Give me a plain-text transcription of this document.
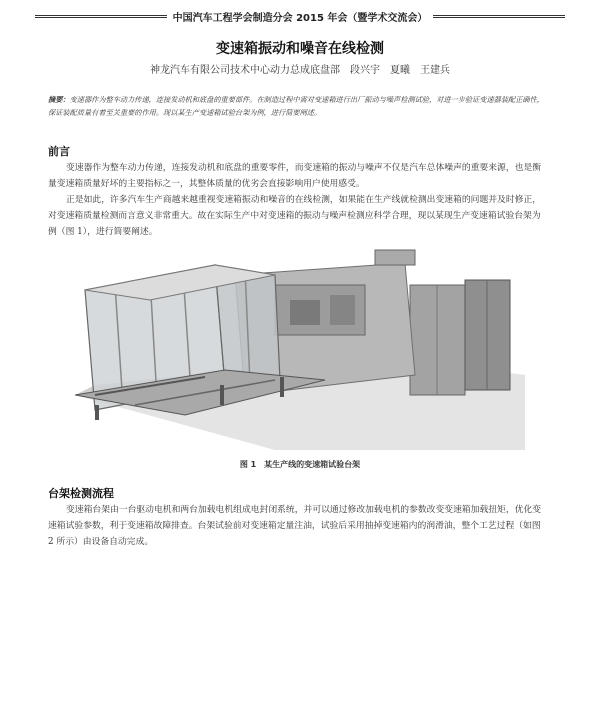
中国汽车工程学会制造分会 2015 年会（暨学术交流会）
变速箱振动和噪音在线检测
神龙汽车有限公司技术中心动力总成底盘部　段兴宇　夏曦　王建兵
摘要：变速器作为整车动力传递，连接发动机和底盘的重要部件。在制造过程中需对变速箱进行出厂振动与噪声检测试验，对进一步验证变速器装配正确性，保证装配质量有着至关重要的作用。现以某生产变速箱试验台架为例，进行简要阐述。
前言
变速器作为整车动力传递，连接发动机和底盘的重要零件，而变速箱的振动与噪声不仅是汽车总体噪声的重要来源，也是衡量变速箱质量好坏的主要指标之一，其整体质量的优劣会直接影响用户使用感受。
正是如此，许多汽车生产商越来越重视变速箱振动和噪音的在线检测，如果能在生产线就检测出变速箱的问题并及时修正，对变速箱质量检测而言意义非常重大。故在实际生产中对变速箱的振动与噪声检测应科学合理，现以某现生产变速箱试验台架为例（图 1），进行简要阐述。
图 1　某生产线的变速箱试验台架
台架检测流程
变速箱台架由一台驱动电机和两台加载电机组成电封闭系统，并可以通过修改加载电机的参数改变变速箱加载扭矩，优化变速箱试验参数，利于变速箱故障排查。台架试验前对变速箱定量注油，试验后采用抽掉变速箱内的润滑油，整个工艺过程（如图 2 所示）由设备自动完成。
